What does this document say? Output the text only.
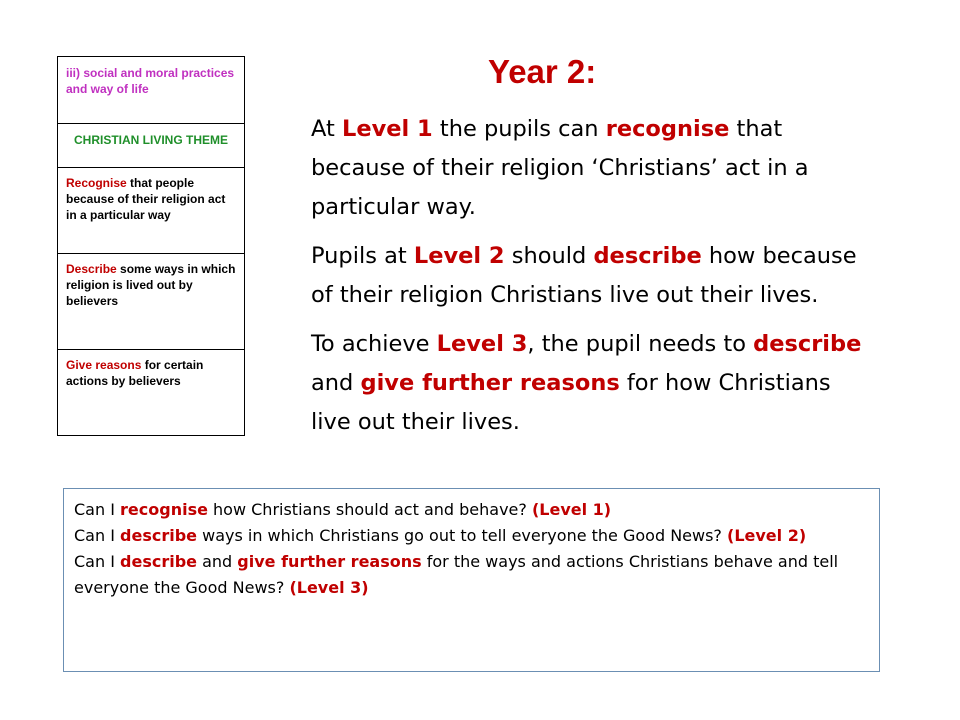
iii) social and moral practices and way of life

CHRISTIAN LIVING THEME

Recognise that people because of their religion act in a particular way

Describe some ways in which religion is lived out by believers

Give reasons for certain actions by believers
Year 2:

At Level 1 the pupils can recognise that because of their religion ‘Christians’ act in a particular way.

Pupils at Level 2 should describe how because of their religion Christians live out their lives.

To achieve Level 3, the pupil needs to describe and give further reasons for how Christians live out their lives.

Can I recognise how Christians should act and behave? (Level 1)
Can I describe ways in which Christians go out to tell everyone the Good News? (Level 2)
Can I describe and give further reasons for the ways and actions Christians behave and tell everyone the Good News? (Level 3)
